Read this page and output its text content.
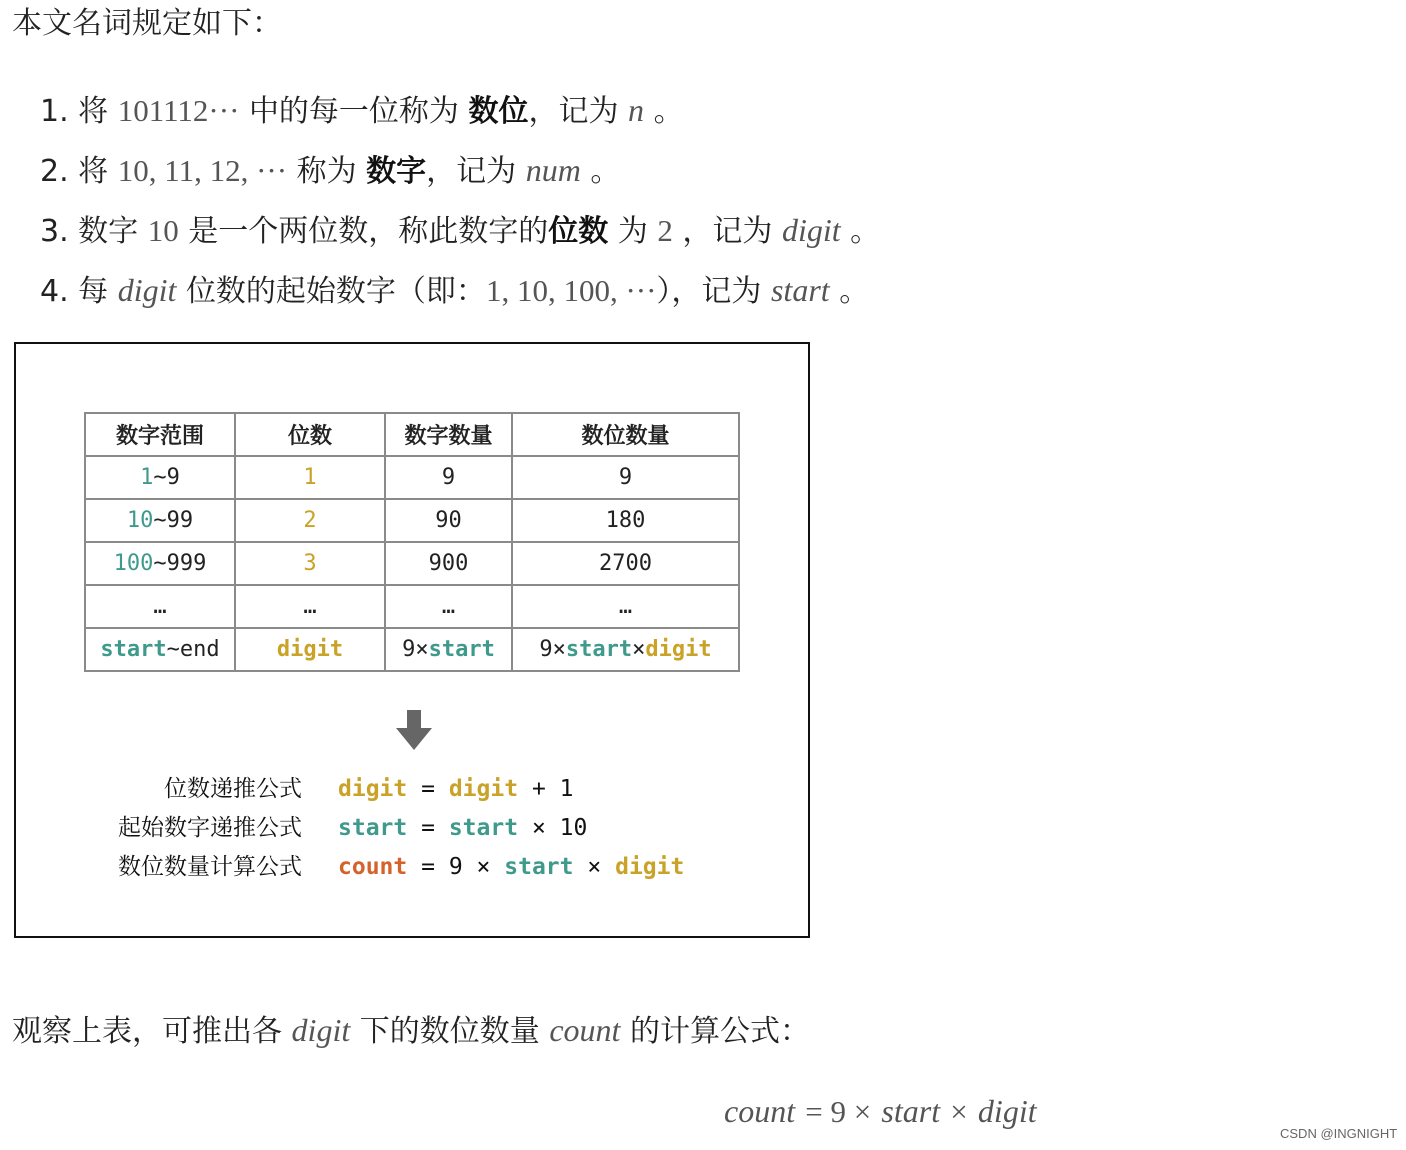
本文名词规定如下：
1. 将 101112··· 中的每一位称为 数位，记为 n 。
2. 将 10, 11, 12, ··· 称为 数字，记为 num 。
3. 数字 10 是一个两位数，称此数字的位数 为 2 ，记为 digit 。
4. 每 digit 位数的起始数字（即：1, 10, 100, ···），记为 start 。
数字范围	位数	数字数量	数位数量
1~9	1	9	9
10~99	2	90	180
100~999	3	900	2700
…	…	…	…
start~end	digit	9×start	9×start×digit
位数递推公式 digit = digit + 1
起始数字递推公式 start = start × 10
数位数量计算公式 count = 9 × start × digit
观察上表，可推出各 digit 下的数位数量 count 的计算公式：
count = 9 × start × digit
CSDN @INGNIGHT
